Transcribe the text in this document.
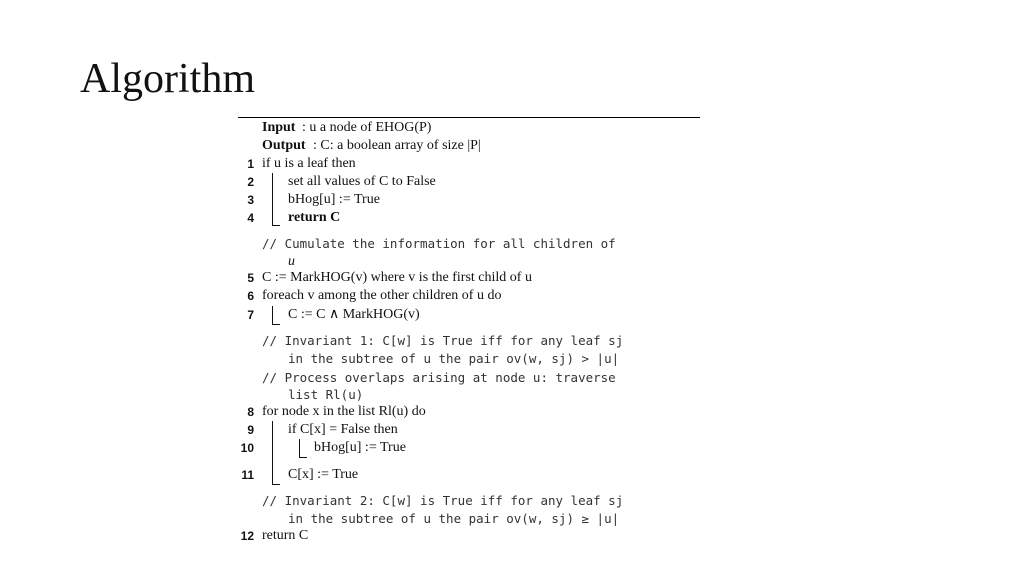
Algorithm
Input : u a node of EHOG(P)
Output : C: a boolean array of size |P|
1 if u is a leaf then
2 set all values of C to False
3 bHog[u] := True
4 return C
// Cumulate the information for all children of
u
5 C := MarkHOG(v) where v is the first child of u
6 foreach v among the other children of u do
7 C := C ∧ MarkHOG(v)
// Invariant 1: C[w] is True iff for any leaf sj
in the subtree of u the pair ov(w, sj) > |u|
// Process overlaps arising at node u: traverse
list Rl(u)
8 for node x in the list Rl(u) do
9 if C[x] = False then
10	bHog[u] := True
11 C[x] := True
// Invariant 2: C[w] is True iff for any leaf sj
in the subtree of u the pair ov(w, sj) ≥ |u|
12 return C
